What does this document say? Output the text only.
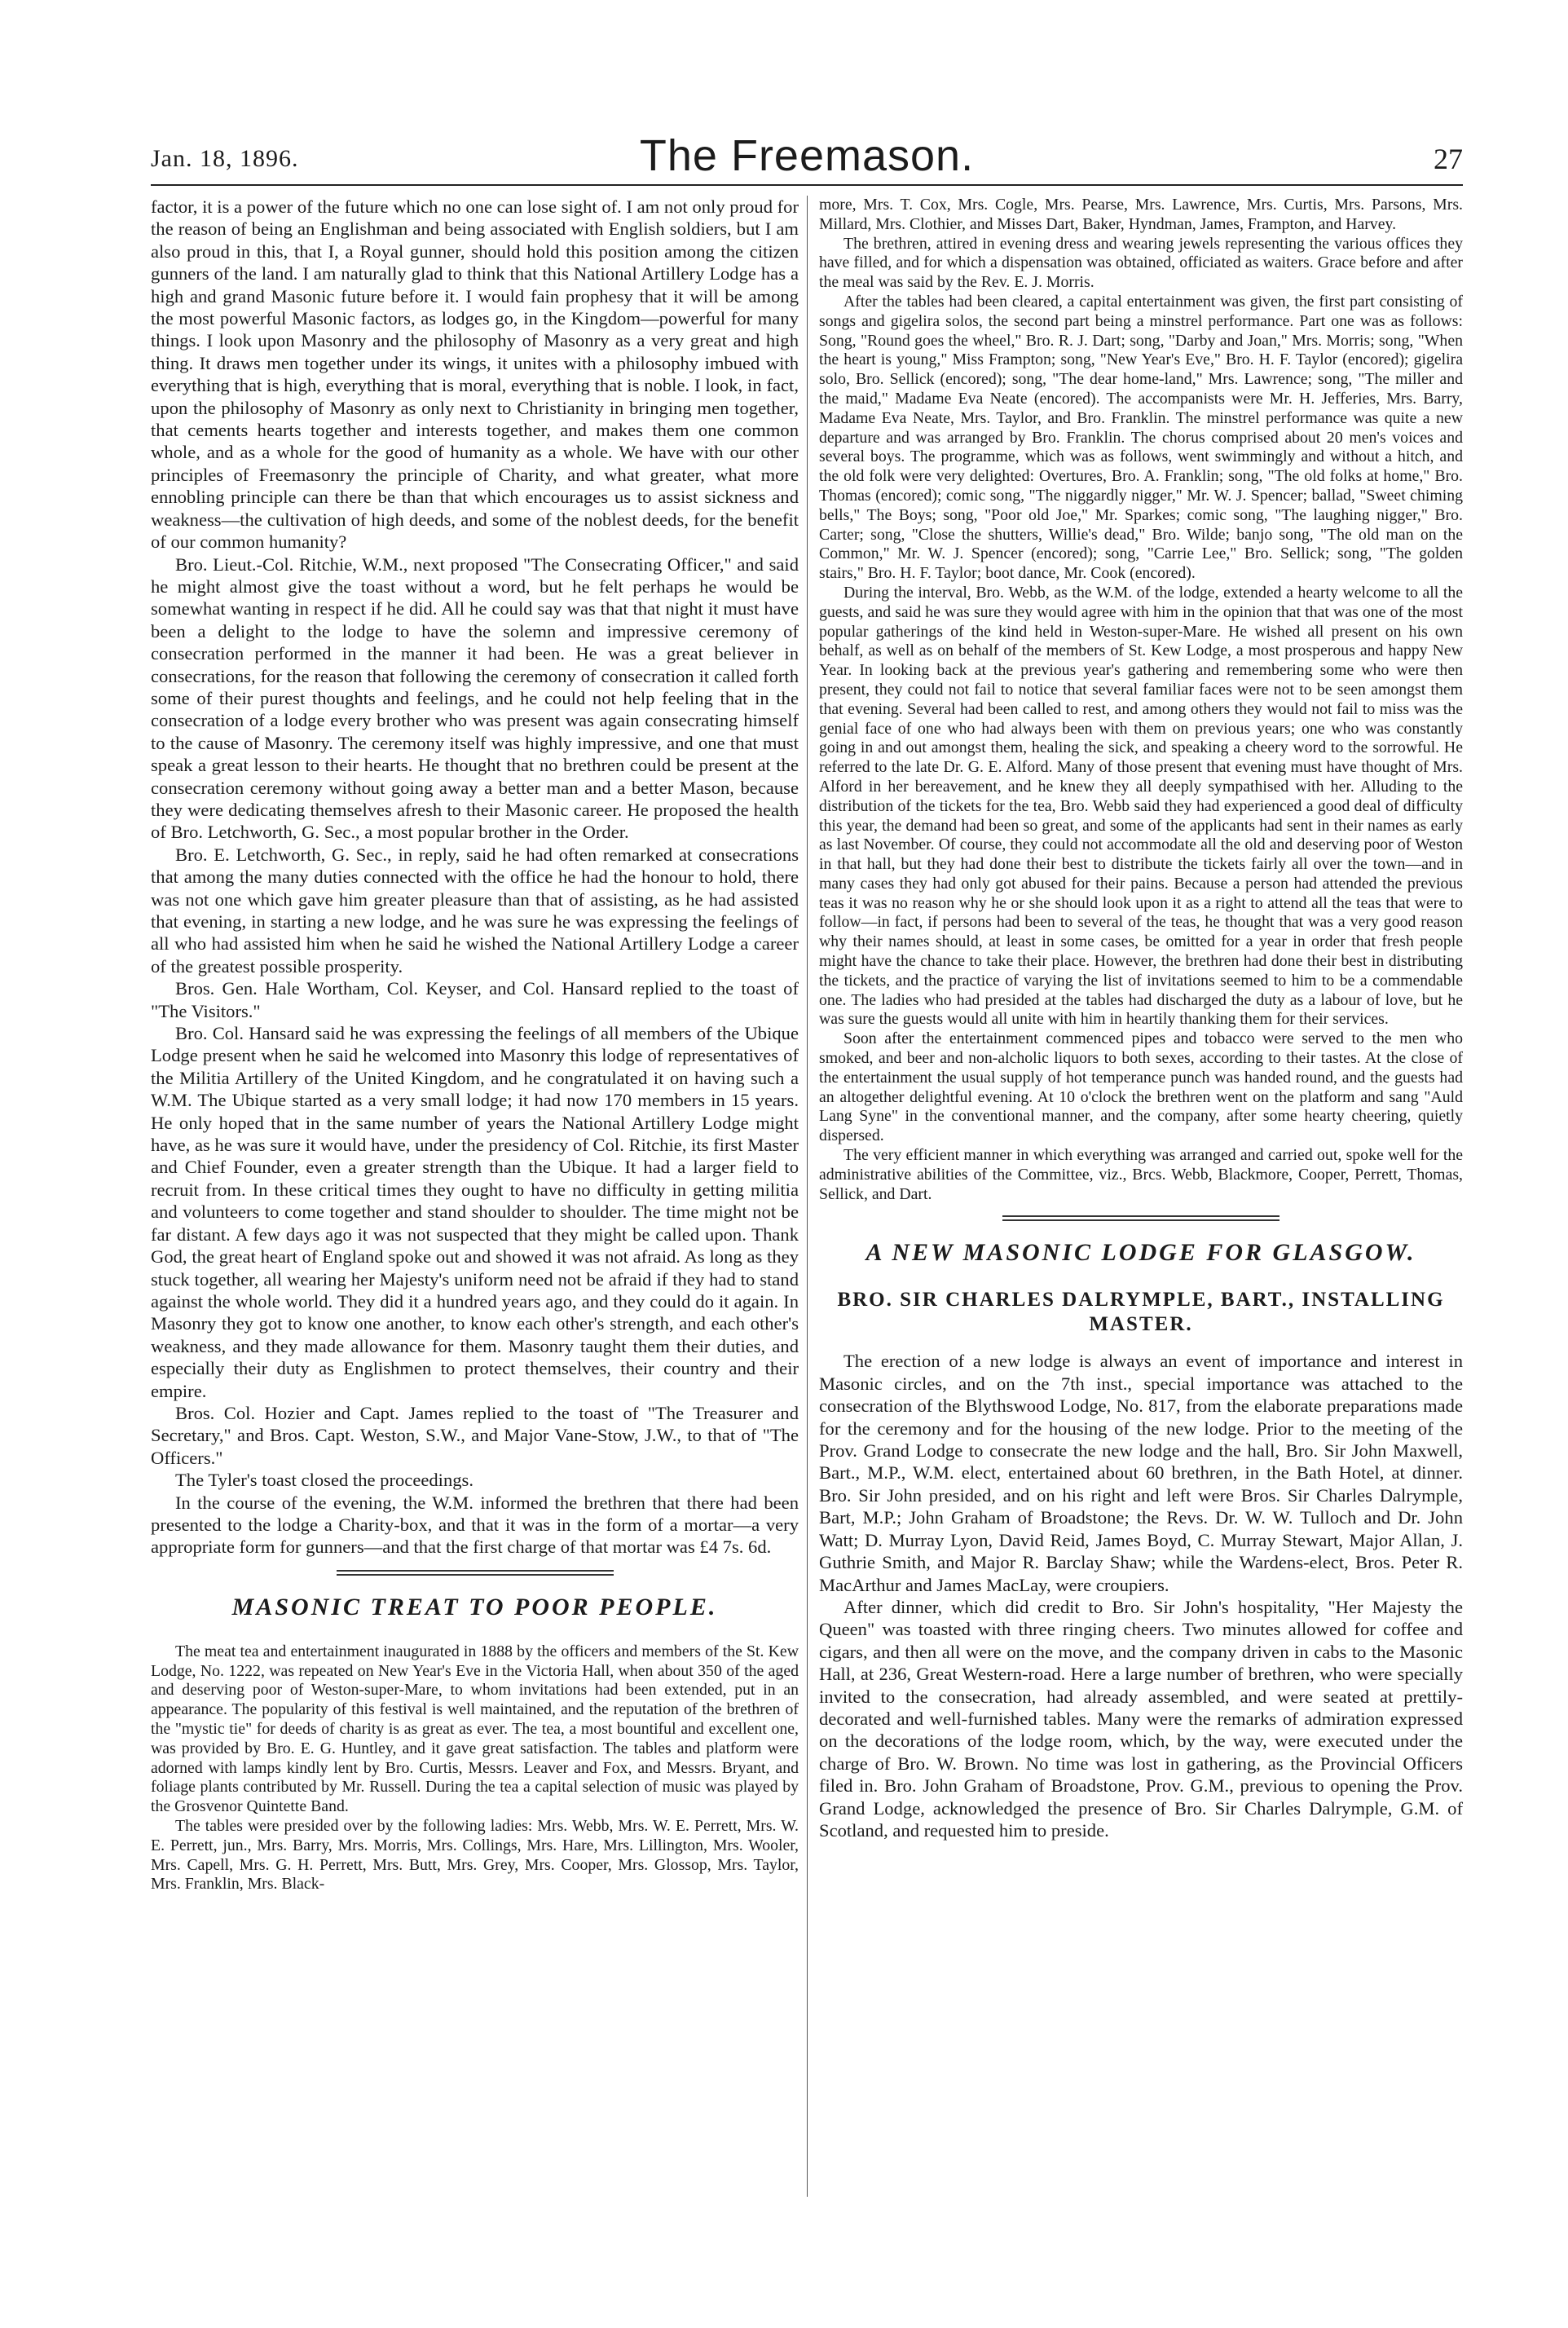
Jan. 18, 1896.	The Freemason.	27

factor, it is a power of the future which no one can lose sight of. I am not only proud for the reason of being an Englishman and being associated with English soldiers, but I am also proud in this, that I, a Royal gunner, should hold this position among the citizen gunners of the land. I am naturally glad to think that this National Artillery Lodge has a high and grand Masonic future before it. I would fain prophesy that it will be among the most powerful Masonic factors, as lodges go, in the Kingdom—powerful for many things. I look upon Masonry and the philosophy of Masonry as a very great and high thing. It draws men together under its wings, it unites with a philosophy imbued with everything that is high, everything that is moral, everything that is noble. I look, in fact, upon the philosophy of Masonry as only next to Christianity in bringing men together, that cements hearts together and interests together, and makes them one common whole, and as a whole for the good of humanity as a whole. We have with our other principles of Freemasonry the principle of Charity, and what greater, what more ennobling principle can there be than that which encourages us to assist sickness and weakness—the cultivation of high deeds, and some of the noblest deeds, for the benefit of our common humanity?

Bro. Lieut.-Col. Ritchie, W.M., next proposed "The Consecrating Officer," and said he might almost give the toast without a word, but he felt perhaps he would be somewhat wanting in respect if he did. All he could say was that that night it must have been a delight to the lodge to have the solemn and impressive ceremony of consecration performed in the manner it had been. He was a great believer in consecrations, for the reason that following the ceremony of consecration it called forth some of their purest thoughts and feelings, and he could not help feeling that in the consecration of a lodge every brother who was present was again consecrating himself to the cause of Masonry. The ceremony itself was highly impressive, and one that must speak a great lesson to their hearts. He thought that no brethren could be present at the consecration ceremony without going away a better man and a better Mason, because they were dedicating themselves afresh to their Masonic career. He proposed the health of Bro. Letchworth, G. Sec., a most popular brother in the Order.

Bro. E. Letchworth, G. Sec., in reply, said he had often remarked at consecrations that among the many duties connected with the office he had the honour to hold, there was not one which gave him greater pleasure than that of assisting, as he had assisted that evening, in starting a new lodge, and he was sure he was expressing the feelings of all who had assisted him when he said he wished the National Artillery Lodge a career of the greatest possible prosperity.

Bros. Gen. Hale Wortham, Col. Keyser, and Col. Hansard replied to the toast of "The Visitors."

Bro. Col. Hansard said he was expressing the feelings of all members of the Ubique Lodge present when he said he welcomed into Masonry this lodge of representatives of the Militia Artillery of the United Kingdom, and he congratulated it on having such a W.M. The Ubique started as a very small lodge; it had now 170 members in 15 years. He only hoped that in the same number of years the National Artillery Lodge might have, as he was sure it would have, under the presidency of Col. Ritchie, its first Master and Chief Founder, even a greater strength than the Ubique. It had a larger field to recruit from. In these critical times they ought to have no difficulty in getting militia and volunteers to come together and stand shoulder to shoulder. The time might not be far distant. A few days ago it was not suspected that they might be called upon. Thank God, the great heart of England spoke out and showed it was not afraid. As long as they stuck together, all wearing her Majesty's uniform need not be afraid if they had to stand against the whole world. They did it a hundred years ago, and they could do it again. In Masonry they got to know one another, to know each other's strength, and each other's weakness, and they made allowance for them. Masonry taught them their duties, and especially their duty as Englishmen to protect themselves, their country and their empire.

Bros. Col. Hozier and Capt. James replied to the toast of "The Treasurer and Secretary," and Bros. Capt. Weston, S.W., and Major Vane-Stow, J.W., to that of "The Officers."

The Tyler's toast closed the proceedings.

In the course of the evening, the W.M. informed the brethren that there had been presented to the lodge a Charity-box, and that it was in the form of a mortar—a very appropriate form for gunners—and that the first charge of that mortar was £4 7s. 6d.

MASONIC TREAT TO POOR PEOPLE.

The meat tea and entertainment inaugurated in 1888 by the officers and members of the St. Kew Lodge, No. 1222, was repeated on New Year's Eve in the Victoria Hall, when about 350 of the aged and deserving poor of Weston-super-Mare, to whom invitations had been extended, put in an appearance. The popularity of this festival is well maintained, and the reputation of the brethren of the "mystic tie" for deeds of charity is as great as ever. The tea, a most bountiful and excellent one, was provided by Bro. E. G. Huntley, and it gave great satisfaction. The tables and platform were adorned with lamps kindly lent by Bro. Curtis, Messrs. Leaver and Fox, and Messrs. Bryant, and foliage plants contributed by Mr. Russell. During the tea a capital selection of music was played by the Grosvenor Quintette Band.

The tables were presided over by the following ladies: Mrs. Webb, Mrs. W. E. Perrett, Mrs. W. E. Perrett, jun., Mrs. Barry, Mrs. Morris, Mrs. Collings, Mrs. Hare, Mrs. Lillington, Mrs. Wooler, Mrs. Capell, Mrs. G. H. Perrett, Mrs. Butt, Mrs. Grey, Mrs. Cooper, Mrs. Glossop, Mrs. Taylor, Mrs. Franklin, Mrs. Black-

more, Mrs. T. Cox, Mrs. Cogle, Mrs. Pearse, Mrs. Lawrence, Mrs. Curtis, Mrs. Parsons, Mrs. Millard, Mrs. Clothier, and Misses Dart, Baker, Hyndman, James, Frampton, and Harvey.

The brethren, attired in evening dress and wearing jewels representing the various offices they have filled, and for which a dispensation was obtained, officiated as waiters. Grace before and after the meal was said by the Rev. E. J. Morris.

After the tables had been cleared, a capital entertainment was given, the first part consisting of songs and gigelira solos, the second part being a minstrel performance. Part one was as follows: Song, "Round goes the wheel," Bro. R. J. Dart; song, "Darby and Joan," Mrs. Morris; song, "When the heart is young," Miss Frampton; song, "New Year's Eve," Bro. H. F. Taylor (encored); gigelira solo, Bro. Sellick (encored); song, "The dear home-land," Mrs. Lawrence; song, "The miller and the maid," Madame Eva Neate (encored). The accompanists were Mr. H. Jefferies, Mrs. Barry, Madame Eva Neate, Mrs. Taylor, and Bro. Franklin. The minstrel performance was quite a new departure and was arranged by Bro. Franklin. The chorus comprised about 20 men's voices and several boys. The programme, which was as follows, went swimmingly and without a hitch, and the old folk were very delighted: Overtures, Bro. A. Franklin; song, "The old folks at home," Bro. Thomas (encored); comic song, "The niggardly nigger," Mr. W. J. Spencer; ballad, "Sweet chiming bells," The Boys; song, "Poor old Joe," Mr. Sparkes; comic song, "The laughing nigger," Bro. Carter; song, "Close the shutters, Willie's dead," Bro. Wilde; banjo song, "The old man on the Common," Mr. W. J. Spencer (encored); song, "Carrie Lee," Bro. Sellick; song, "The golden stairs," Bro. H. F. Taylor; boot dance, Mr. Cook (encored).

During the interval, Bro. Webb, as the W.M. of the lodge, extended a hearty welcome to all the guests, and said he was sure they would agree with him in the opinion that that was one of the most popular gatherings of the kind held in Weston-super-Mare. He wished all present on his own behalf, as well as on behalf of the members of St. Kew Lodge, a most prosperous and happy New Year. In looking back at the previous year's gathering and remembering some who were then present, they could not fail to notice that several familiar faces were not to be seen amongst them that evening. Several had been called to rest, and among others they would not fail to miss was the genial face of one who had always been with them on previous years; one who was constantly going in and out amongst them, healing the sick, and speaking a cheery word to the sorrowful. He referred to the late Dr. G. E. Alford. Many of those present that evening must have thought of Mrs. Alford in her bereavement, and he knew they all deeply sympathised with her. Alluding to the distribution of the tickets for the tea, Bro. Webb said they had experienced a good deal of difficulty this year, the demand had been so great, and some of the applicants had sent in their names as early as last November. Of course, they could not accommodate all the old and deserving poor of Weston in that hall, but they had done their best to distribute the tickets fairly all over the town—and in many cases they had only got abused for their pains. Because a person had attended the previous teas it was no reason why he or she should look upon it as a right to attend all the teas that were to follow—in fact, if persons had been to several of the teas, he thought that was a very good reason why their names should, at least in some cases, be omitted for a year in order that fresh people might have the chance to take their place. However, the brethren had done their best in distributing the tickets, and the practice of varying the list of invitations seemed to him to be a commendable one. The ladies who had presided at the tables had discharged the duty as a labour of love, but he was sure the guests would all unite with him in heartily thanking them for their services.

Soon after the entertainment commenced pipes and tobacco were served to the men who smoked, and beer and non-alcholic liquors to both sexes, according to their tastes. At the close of the entertainment the usual supply of hot temperance punch was handed round, and the guests had an altogether delightful evening. At 10 o'clock the brethren went on the platform and sang "Auld Lang Syne" in the conventional manner, and the company, after some hearty cheering, quietly dispersed.

The very efficient manner in which everything was arranged and carried out, spoke well for the administrative abilities of the Committee, viz., Brcs. Webb, Blackmore, Cooper, Perrett, Thomas, Sellick, and Dart.

A NEW MASONIC LODGE FOR GLASGOW.
BRO. SIR CHARLES DALRYMPLE, BART., INSTALLING MASTER.

The erection of a new lodge is always an event of importance and interest in Masonic circles, and on the 7th inst., special importance was attached to the consecration of the Blythswood Lodge, No. 817, from the elaborate preparations made for the ceremony and for the housing of the new lodge. Prior to the meeting of the Prov. Grand Lodge to consecrate the new lodge and the hall, Bro. Sir John Maxwell, Bart., M.P., W.M. elect, entertained about 60 brethren, in the Bath Hotel, at dinner. Bro. Sir John presided, and on his right and left were Bros. Sir Charles Dalrymple, Bart, M.P.; John Graham of Broadstone; the Revs. Dr. W. W. Tulloch and Dr. John Watt; D. Murray Lyon, David Reid, James Boyd, C. Murray Stewart, Major Allan, J. Guthrie Smith, and Major R. Barclay Shaw; while the Wardens-elect, Bros. Peter R. MacArthur and James MacLay, were croupiers.

After dinner, which did credit to Bro. Sir John's hospitality, "Her Majesty the Queen" was toasted with three ringing cheers. Two minutes allowed for coffee and cigars, and then all were on the move, and the company driven in cabs to the Masonic Hall, at 236, Great Western-road. Here a large number of brethren, who were specially invited to the consecration, had already assembled, and were seated at prettily-decorated and well-furnished tables. Many were the remarks of admiration expressed on the decorations of the lodge room, which, by the way, were executed under the charge of Bro. W. Brown. No time was lost in gathering, as the Provincial Officers filed in. Bro. John Graham of Broadstone, Prov. G.M., previous to opening the Prov. Grand Lodge, acknowledged the presence of Bro. Sir Charles Dalrymple, G.M. of Scotland, and requested him to preside.
